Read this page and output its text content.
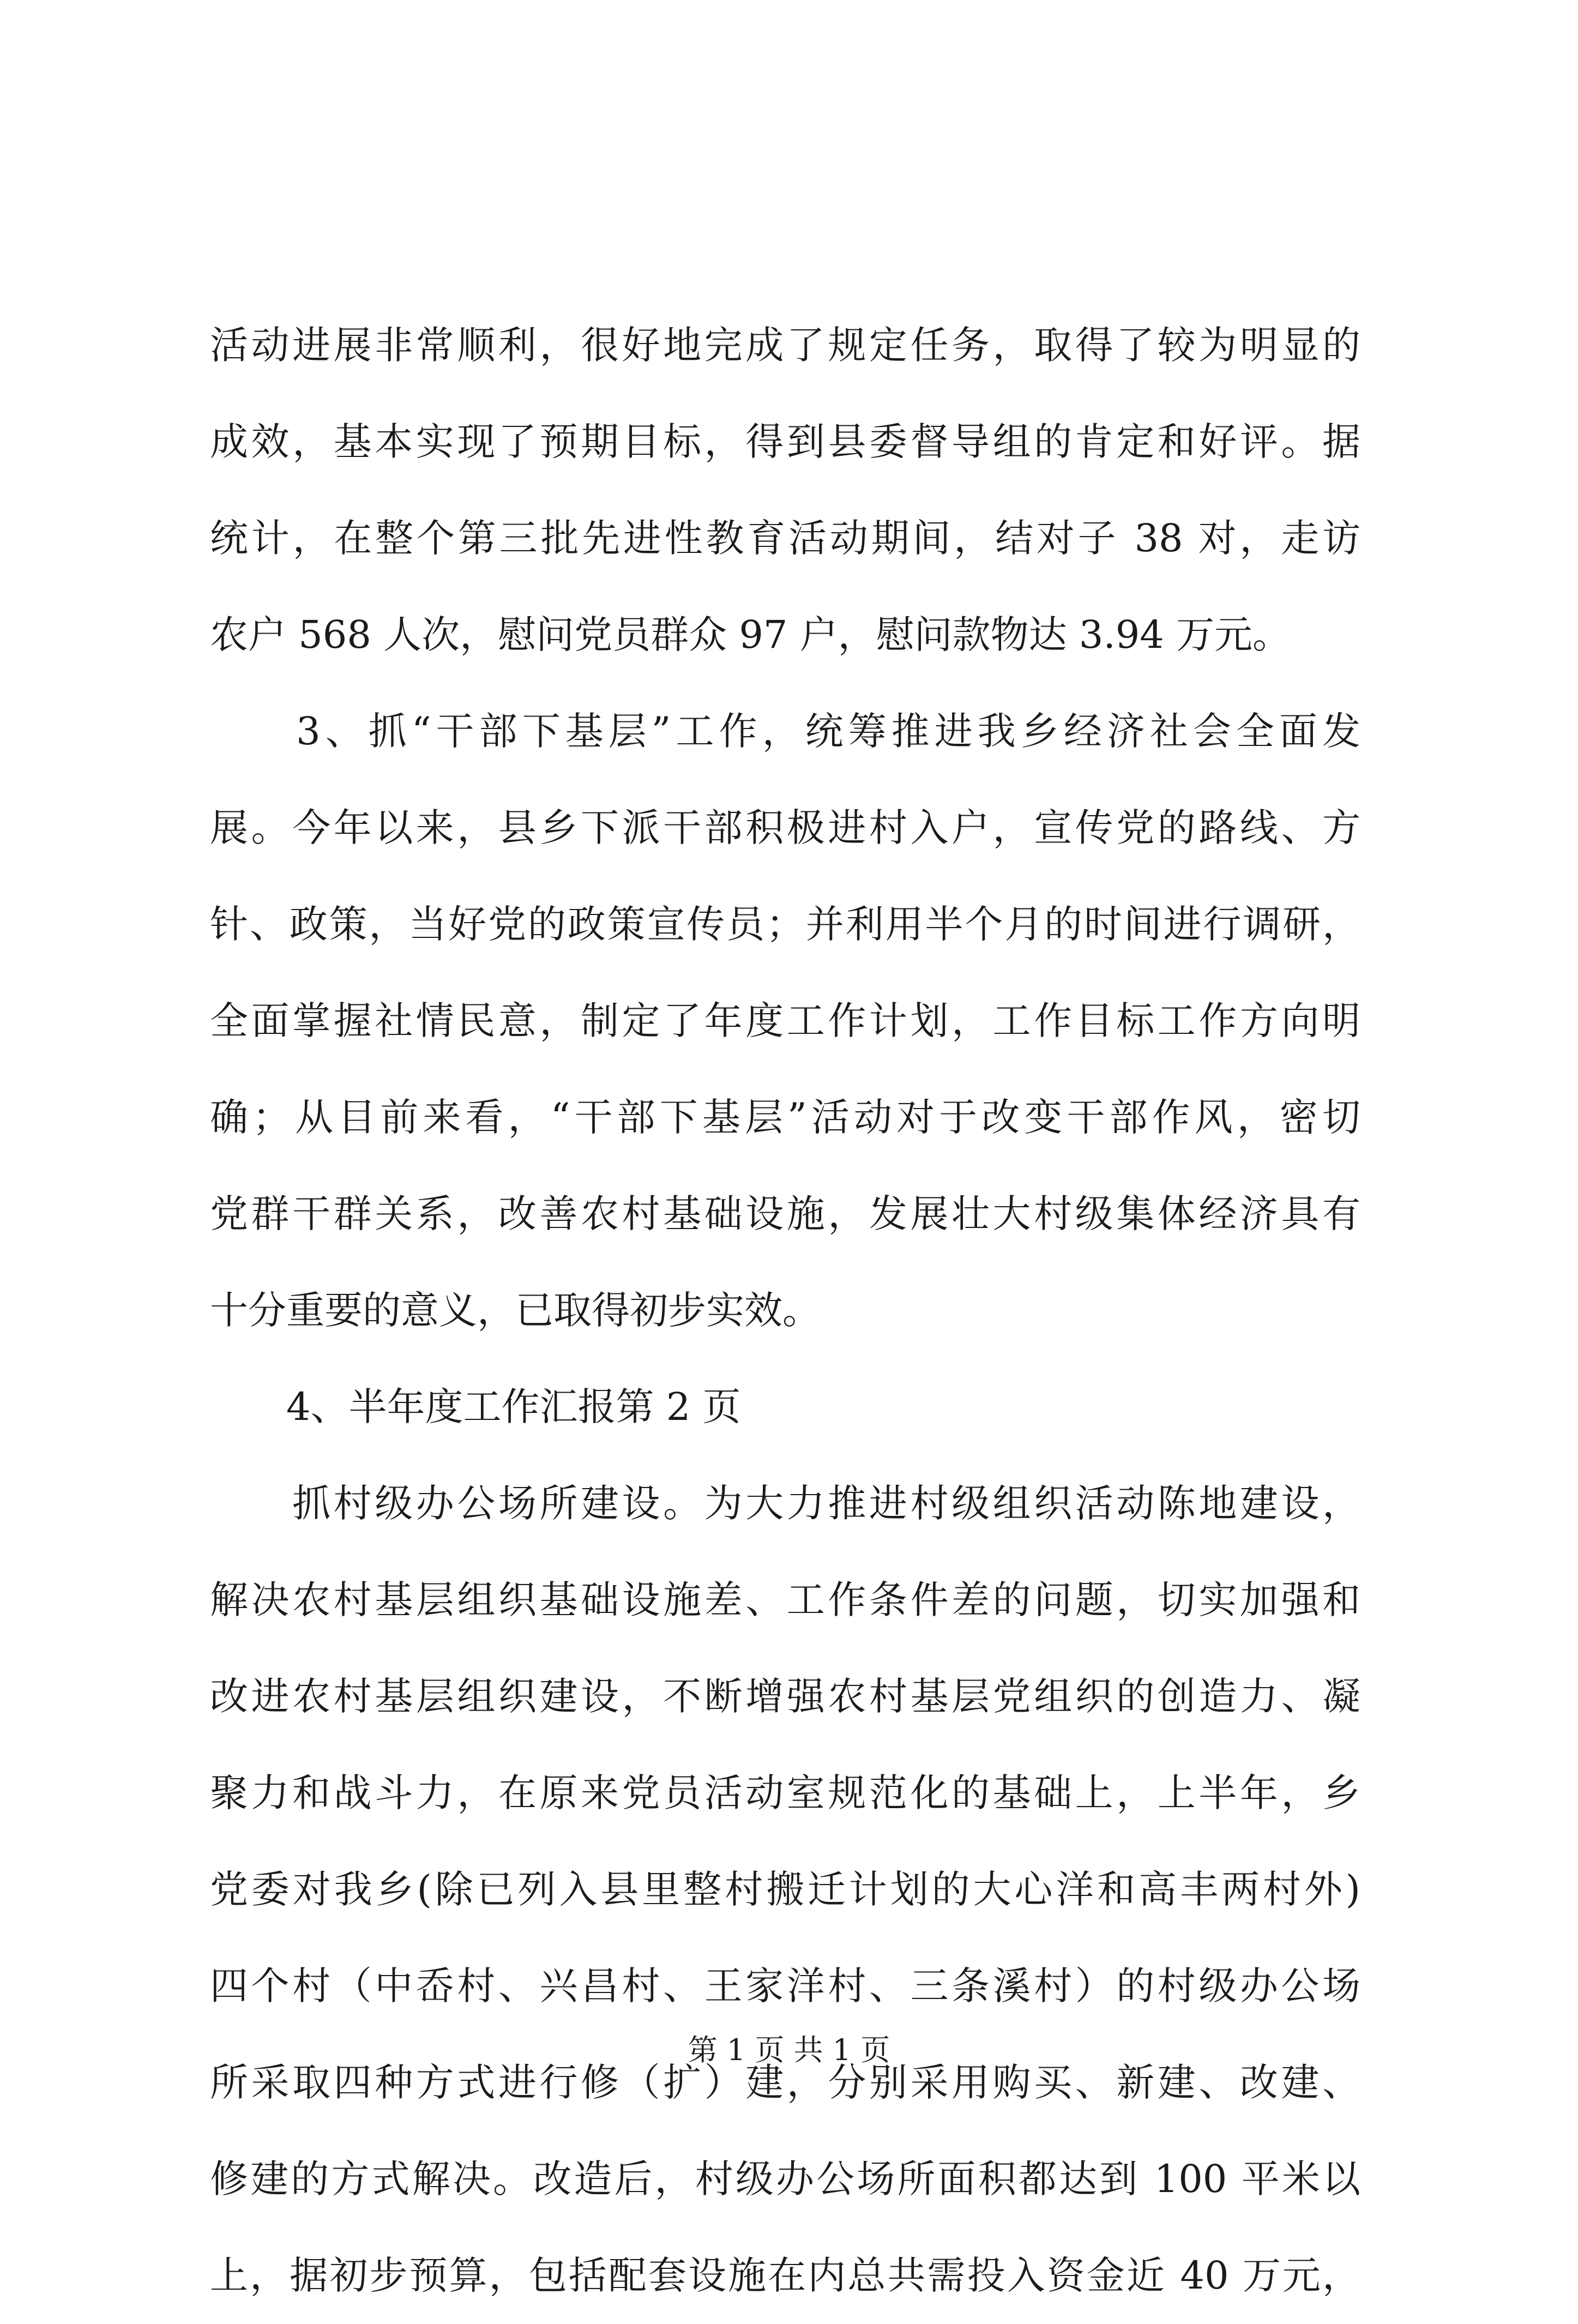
活动进展非常顺利，很好地完成了规定任务，取得了较为明显的
成效，基本实现了预期目标，得到县委督导组的肯定和好评。据
统计，在整个第三批先进性教育活动期间，结对子 38 对，走访
农户 568 人次，慰问党员群众 97 户，慰问款物达 3.94 万元。
　　3、抓“干部下基层”工作，统筹推进我乡经济社会全面发
展。今年以来，县乡下派干部积极进村入户，宣传党的路线、方
针、政策，当好党的政策宣传员；并利用半个月的时间进行调研，
全面掌握社情民意，制定了年度工作计划，工作目标工作方向明
确；从目前来看，“干部下基层”活动对于改变干部作风，密切
党群干群关系，改善农村基础设施，发展壮大村级集体经济具有
十分重要的意义，已取得初步实效。
　　4、半年度工作汇报第 2 页
　　抓村级办公场所建设。为大力推进村级组织活动陈地建设，
解决农村基层组织基础设施差、工作条件差的问题，切实加强和
改进农村基层组织建设，不断增强农村基层党组织的创造力、凝
聚力和战斗力，在原来党员活动室规范化的基础上，上半年，乡
党委对我乡(除已列入县里整村搬迁计划的大心洋和高丰两村外)
四个村（中岙村、兴昌村、王家洋村、三条溪村）的村级办公场
所采取四种方式进行修（扩）建，分别采用购买、新建、改建、
修建的方式解决。改造后，村级办公场所面积都达到 100 平米以
上，据初步预算，包括配套设施在内总共需投入资金近 40 万元，
第 1 页 共 1 页
